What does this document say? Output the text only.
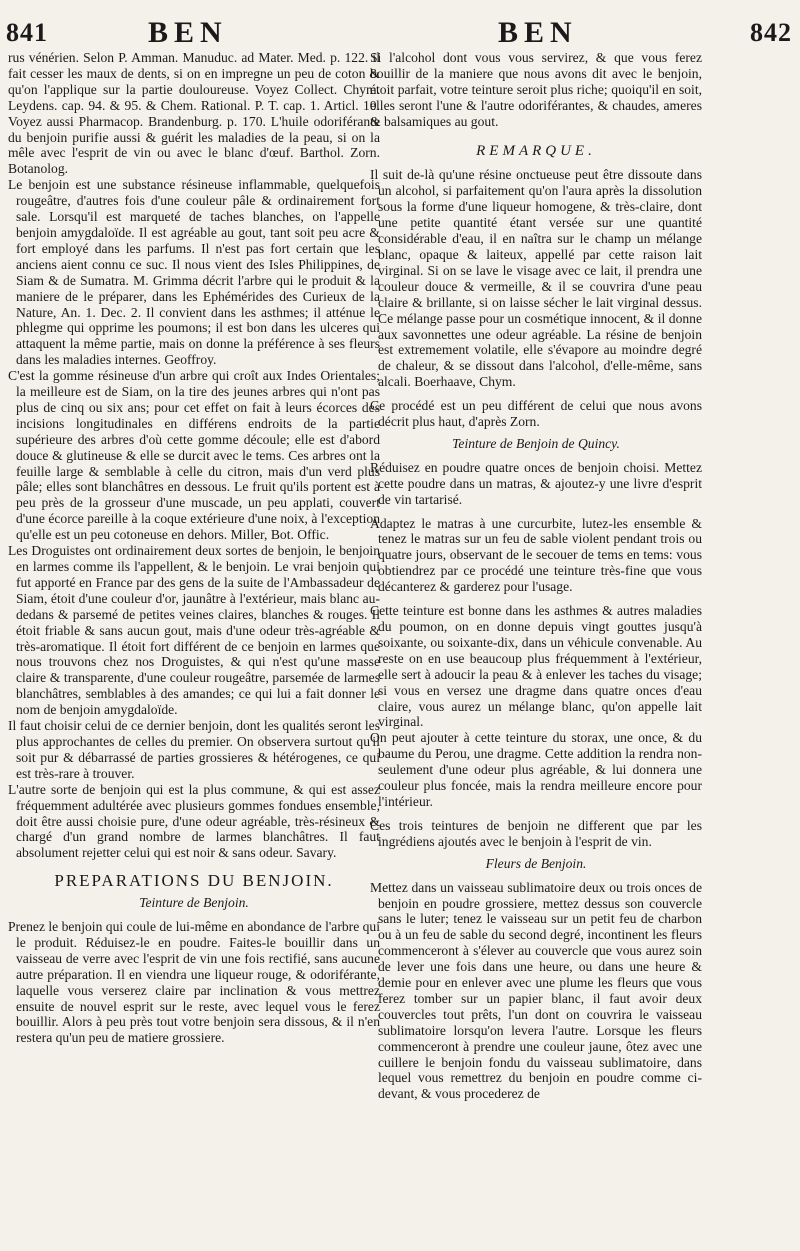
841	BEN	BEN	842

rus vénérien. Selon P. Amman. Manuduc. ad Mater. Med. p. 122. il fait cesser les maux de dents, si on en impregne un peu de coton & qu'on l'applique sur la partie douloureuse. Voyez Collect. Chym. Leydens. cap. 94. & 95. & Chem. Rational. P. T. cap. 1. Articl. 10. Voyez aussi Pharmacop. Brandenburg. p. 170. L'huile odoriférante du benjoin purifie aussi & guérit les maladies de la peau, si on la mêle avec l'esprit de vin ou avec le blanc d'œuf. Barthol. Zorn. Botanolog.

Le benjoin est une substance résineuse inflammable, quelquefois rougeâtre, d'autres fois d'une couleur pâle & ordinairement fort sale. Lorsqu'il est marqueté de taches blanches, on l'appelle benjoin amygdaloïde. Il est agréable au gout, tant soit peu acre & fort employé dans les parfums. Il n'est pas fort certain que les anciens aient connu ce suc. Il nous vient des Isles Philippines, de Siam & de Sumatra. M. Grimma décrit l'arbre qui le produit & la maniere de le préparer, dans les Ephémérides des Curieux de la Nature, An. 1. Dec. 2. Il convient dans les asthmes; il atténue le phlegme qui opprime les poumons; il est bon dans les ulceres qui attaquent la même partie, mais on donne la préférence à ses fleurs dans les maladies internes. Geoffroy.

C'est la gomme résineuse d'un arbre qui croît aux Indes Orientales; la meilleure est de Siam, on la tire des jeunes arbres qui n'ont pas plus de cinq ou six ans; pour cet effet on fait à leurs écorces des incisions longitudinales en différens endroits de la partie supérieure des arbres d'où cette gomme découle; elle est d'abord douce & glutineuse & elle se durcit avec le tems. Ces arbres ont la feuille large & semblable à celle du citron, mais d'un verd plus pâle; elles sont blanchâtres en dessous. Le fruit qu'ils portent est à peu près de la grosseur d'une muscade, un peu applati, couvert d'une écorce pareille à la coque extérieure d'une noix, à l'exception qu'elle est un peu cotoneuse en dehors. Miller, Bot. Offic.

Les Droguistes ont ordinairement deux sortes de benjoin, le benjoin en larmes comme ils l'appellent, & le benjoin. Le vrai benjoin qui fut apporté en France par des gens de la suite de l'Ambassadeur de Siam, étoit d'une couleur d'or, jaunâtre à l'extérieur, mais blanc au-dedans & parsemé de petites veines claires, blanches & rouges. Il étoit friable & sans aucun gout, mais d'une odeur très-agréable & très-aromatique. Il étoit fort différent de ce benjoin en larmes que nous trouvons chez nos Droguistes, & qui n'est qu'une masse claire & transparente, d'une couleur rougeâtre, parsemée de larmes blanchâtres, semblables à des amandes; ce qui lui a fait donner le nom de benjoin amygdaloïde.

Il faut choisir celui de ce dernier benjoin, dont les qualités seront les plus approchantes de celles du premier. On observera surtout qu'il soit pur & débarrassé de parties grossieres & hétérogenes, ce qui est très-rare à trouver.

L'autre sorte de benjoin qui est la plus commune, & qui est assez fréquemment adultérée avec plusieurs gommes fondues ensemble, doit être aussi choisie pure, d'une odeur agréable, très-résineux & chargé d'un grand nombre de larmes blanchâtres. Il faut absolument rejetter celui qui est noir & sans odeur. Savary.

PREPARATIONS DU BENJOIN.
Teinture de Benjoin.

Prenez le benjoin qui coule de lui-même en abondance de l'arbre qui le produit. Réduisez-le en poudre. Faites-le bouillir dans un vaisseau de verre avec l'esprit de vin une fois rectifié, sans aucune autre préparation. Il en viendra une liqueur rouge, & odoriférante, laquelle vous verserez claire par inclination & vous mettrez ensuite de nouvel esprit sur le reste, avec lequel vous le ferez bouillir. Alors à peu près tout votre benjoin sera dissous, & il n'en restera qu'un peu de matiere grossiere.

Si l'alcohol dont vous vous servirez, & que vous ferez bouillir de la maniere que nous avons dit avec le benjoin, étoit parfait, votre teinture seroit plus riche; quoiqu'il en soit, elles seront l'une & l'autre odoriférantes, & chaudes, ameres & balsamiques au gout.

REMARQUE.

Il suit de-là qu'une résine onctueuse peut être dissoute dans un alcohol, si parfaitement qu'on l'aura après la dissolution sous la forme d'une liqueur homogene, & très-claire, dont une petite quantité étant versée sur une quantité considérable d'eau, il en naîtra sur le champ un mélange blanc, opaque & laiteux, appellé par cette raison lait virginal. Si on se lave le visage avec ce lait, il prendra une couleur douce & vermeille, & il se couvrira d'une peau claire & brillante, si on laisse sécher le lait virginal dessus. Ce mélange passe pour un cosmétique innocent, & il donne aux savonnettes une odeur agréable. La résine de benjoin est extremement volatile, elle s'évapore au moindre degré de chaleur, & se dissout dans l'alcohol, d'elle-même, sans alcali. Boerhaave, Chym.

Ce procédé est un peu différent de celui que nous avons décrit plus haut, d'après Zorn.

Teinture de Benjoin de Quincy.

Réduisez en poudre quatre onces de benjoin choisi. Mettez cette poudre dans un matras, & ajoutez-y une livre d'esprit de vin tartarisé.

Adaptez le matras à une curcurbite, lutez-les ensemble & tenez le matras sur un feu de sable violent pendant trois ou quatre jours, observant de le secouer de tems en tems: vous obtiendrez par ce procédé une teinture très-fine que vous décanterez & garderez pour l'usage.

Cette teinture est bonne dans les asthmes & autres maladies du poumon, on en donne depuis vingt gouttes jusqu'à soixante, ou soixante-dix, dans un véhicule convenable. Au reste on en use beaucoup plus fréquemment à l'extérieur, elle sert à adoucir la peau & à enlever les taches du visage; si vous en versez une dragme dans quatre onces d'eau claire, vous aurez un mélange blanc, qu'on appelle lait virginal.

On peut ajouter à cette teinture du storax, une once, & du baume du Perou, une dragme. Cette addition la rendra non-seulement d'une odeur plus agréable, & lui donnera une couleur plus foncée, mais la rendra meilleure encore pour l'intérieur.

Ces trois teintures de benjoin ne different que par les ingrédiens ajoutés avec le benjoin à l'esprit de vin.

Fleurs de Benjoin.

Mettez dans un vaisseau sublimatoire deux ou trois onces de benjoin en poudre grossiere, mettez dessus son couvercle sans le luter; tenez le vaisseau sur un petit feu de charbon ou à un feu de sable du second degré, incontinent les fleurs commenceront à s'élever au couvercle que vous aurez soin de lever une fois dans une heure, ou dans une heure & demie pour en enlever avec une plume les fleurs que vous ferez tomber sur un papier blanc, il faut avoir deux couvercles tout prêts, l'un dont on couvrira le vaisseau sublimatoire lorsqu'on levera l'autre. Lorsque les fleurs commenceront à prendre une couleur jaune, ôtez avec une cuillere le benjoin fondu du vaisseau sublimatoire, dans lequel vous remettrez du benjoin en poudre comme ci-devant, & vous procederez de
